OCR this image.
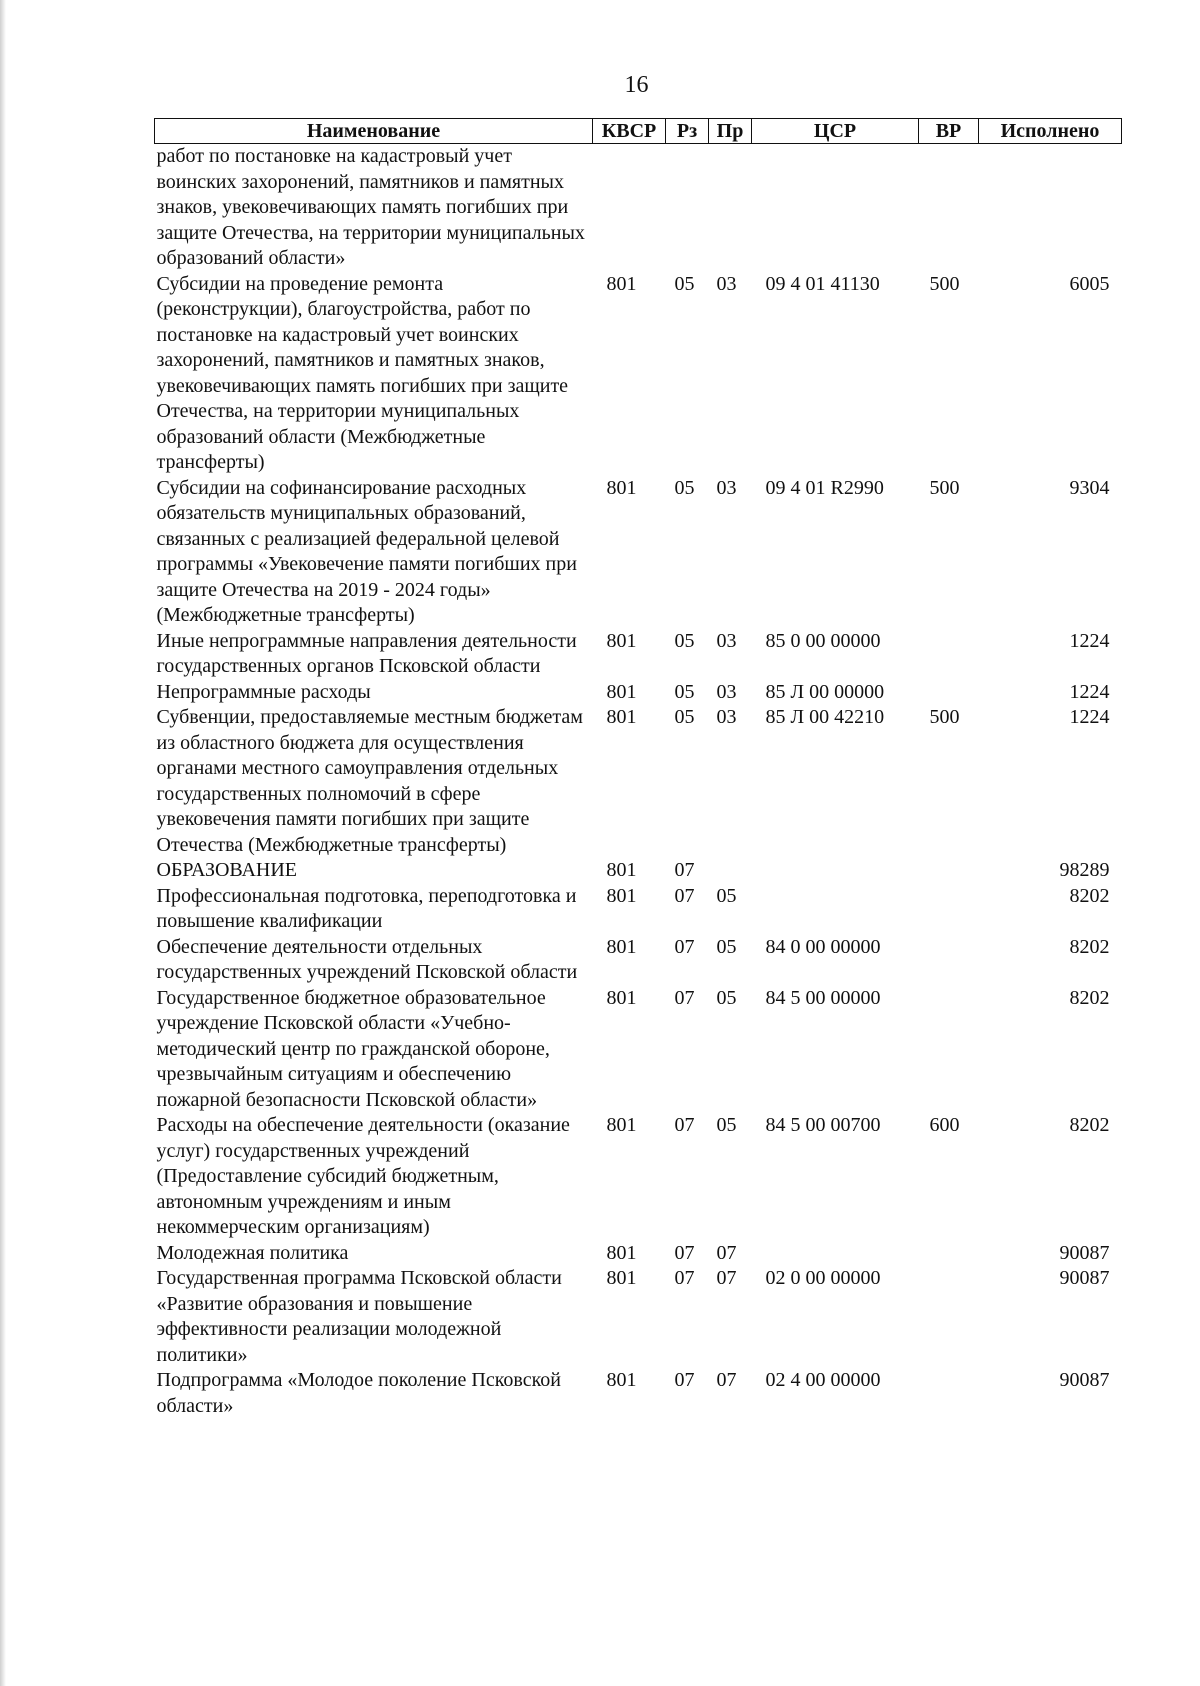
16
Наименование	КВСР	Рз	Пр	ЦСР	ВР	Исполнено
работ по постановке на кадастровый учет воинских захоронений, памятников и памятных знаков, увековечивающих память погибших при защите Отечества, на территории муниципальных образований области»						
Субсидии на проведение ремонта (реконструкции), благоустройства, работ по постановке на кадастровый учет воинских захоронений, памятников и памятных знаков, увековечивающих память погибших при защите Отечества, на территории муниципальных образований области (Межбюджетные трансферты)	801	05	03	09 4 01 41130	500	6005
Субсидии на софинансирование расходных обязательств муниципальных образований, связанных с реализацией федеральной целевой программы «Увековечение памяти погибших при защите Отечества на 2019 - 2024 годы» (Межбюджетные трансферты)	801	05	03	09 4 01 R2990	500	9304
Иные непрограммные направления деятельности государственных органов Псковской области	801	05	03	85 0 00 00000		1224
Непрограммные расходы	801	05	03	85 Л 00 00000		1224
Субвенции, предоставляемые местным бюджетам из областного бюджета для осуществления органами местного самоуправления отдельных государственных полномочий в сфере увековечения памяти погибших при защите Отечества (Межбюджетные трансферты)	801	05	03	85 Л 00 42210	500	1224
ОБРАЗОВАНИЕ	801	07				98289
Профессиональная подготовка, переподготовка и повышение квалификации	801	07	05			8202
Обеспечение деятельности отдельных государственных учреждений Псковской области	801	07	05	84 0 00 00000		8202
Государственное бюджетное образовательное учреждение Псковской области «Учебно-методический центр по гражданской обороне, чрезвычайным ситуациям и обеспечению пожарной безопасности Псковской области»	801	07	05	84 5 00 00000		8202
Расходы на обеспечение деятельности (оказание услуг) государственных учреждений (Предоставление субсидий бюджетным, автономным учреждениям и иным некоммерческим организациям)	801	07	05	84 5 00 00700	600	8202
Молодежная политика	801	07	07			90087
Государственная программа Псковской области «Развитие образования и повышение эффективности реализации молодежной политики»	801	07	07	02 0 00 00000		90087
Подпрограмма «Молодое поколение Псковской области»	801	07	07	02 4 00 00000		90087
